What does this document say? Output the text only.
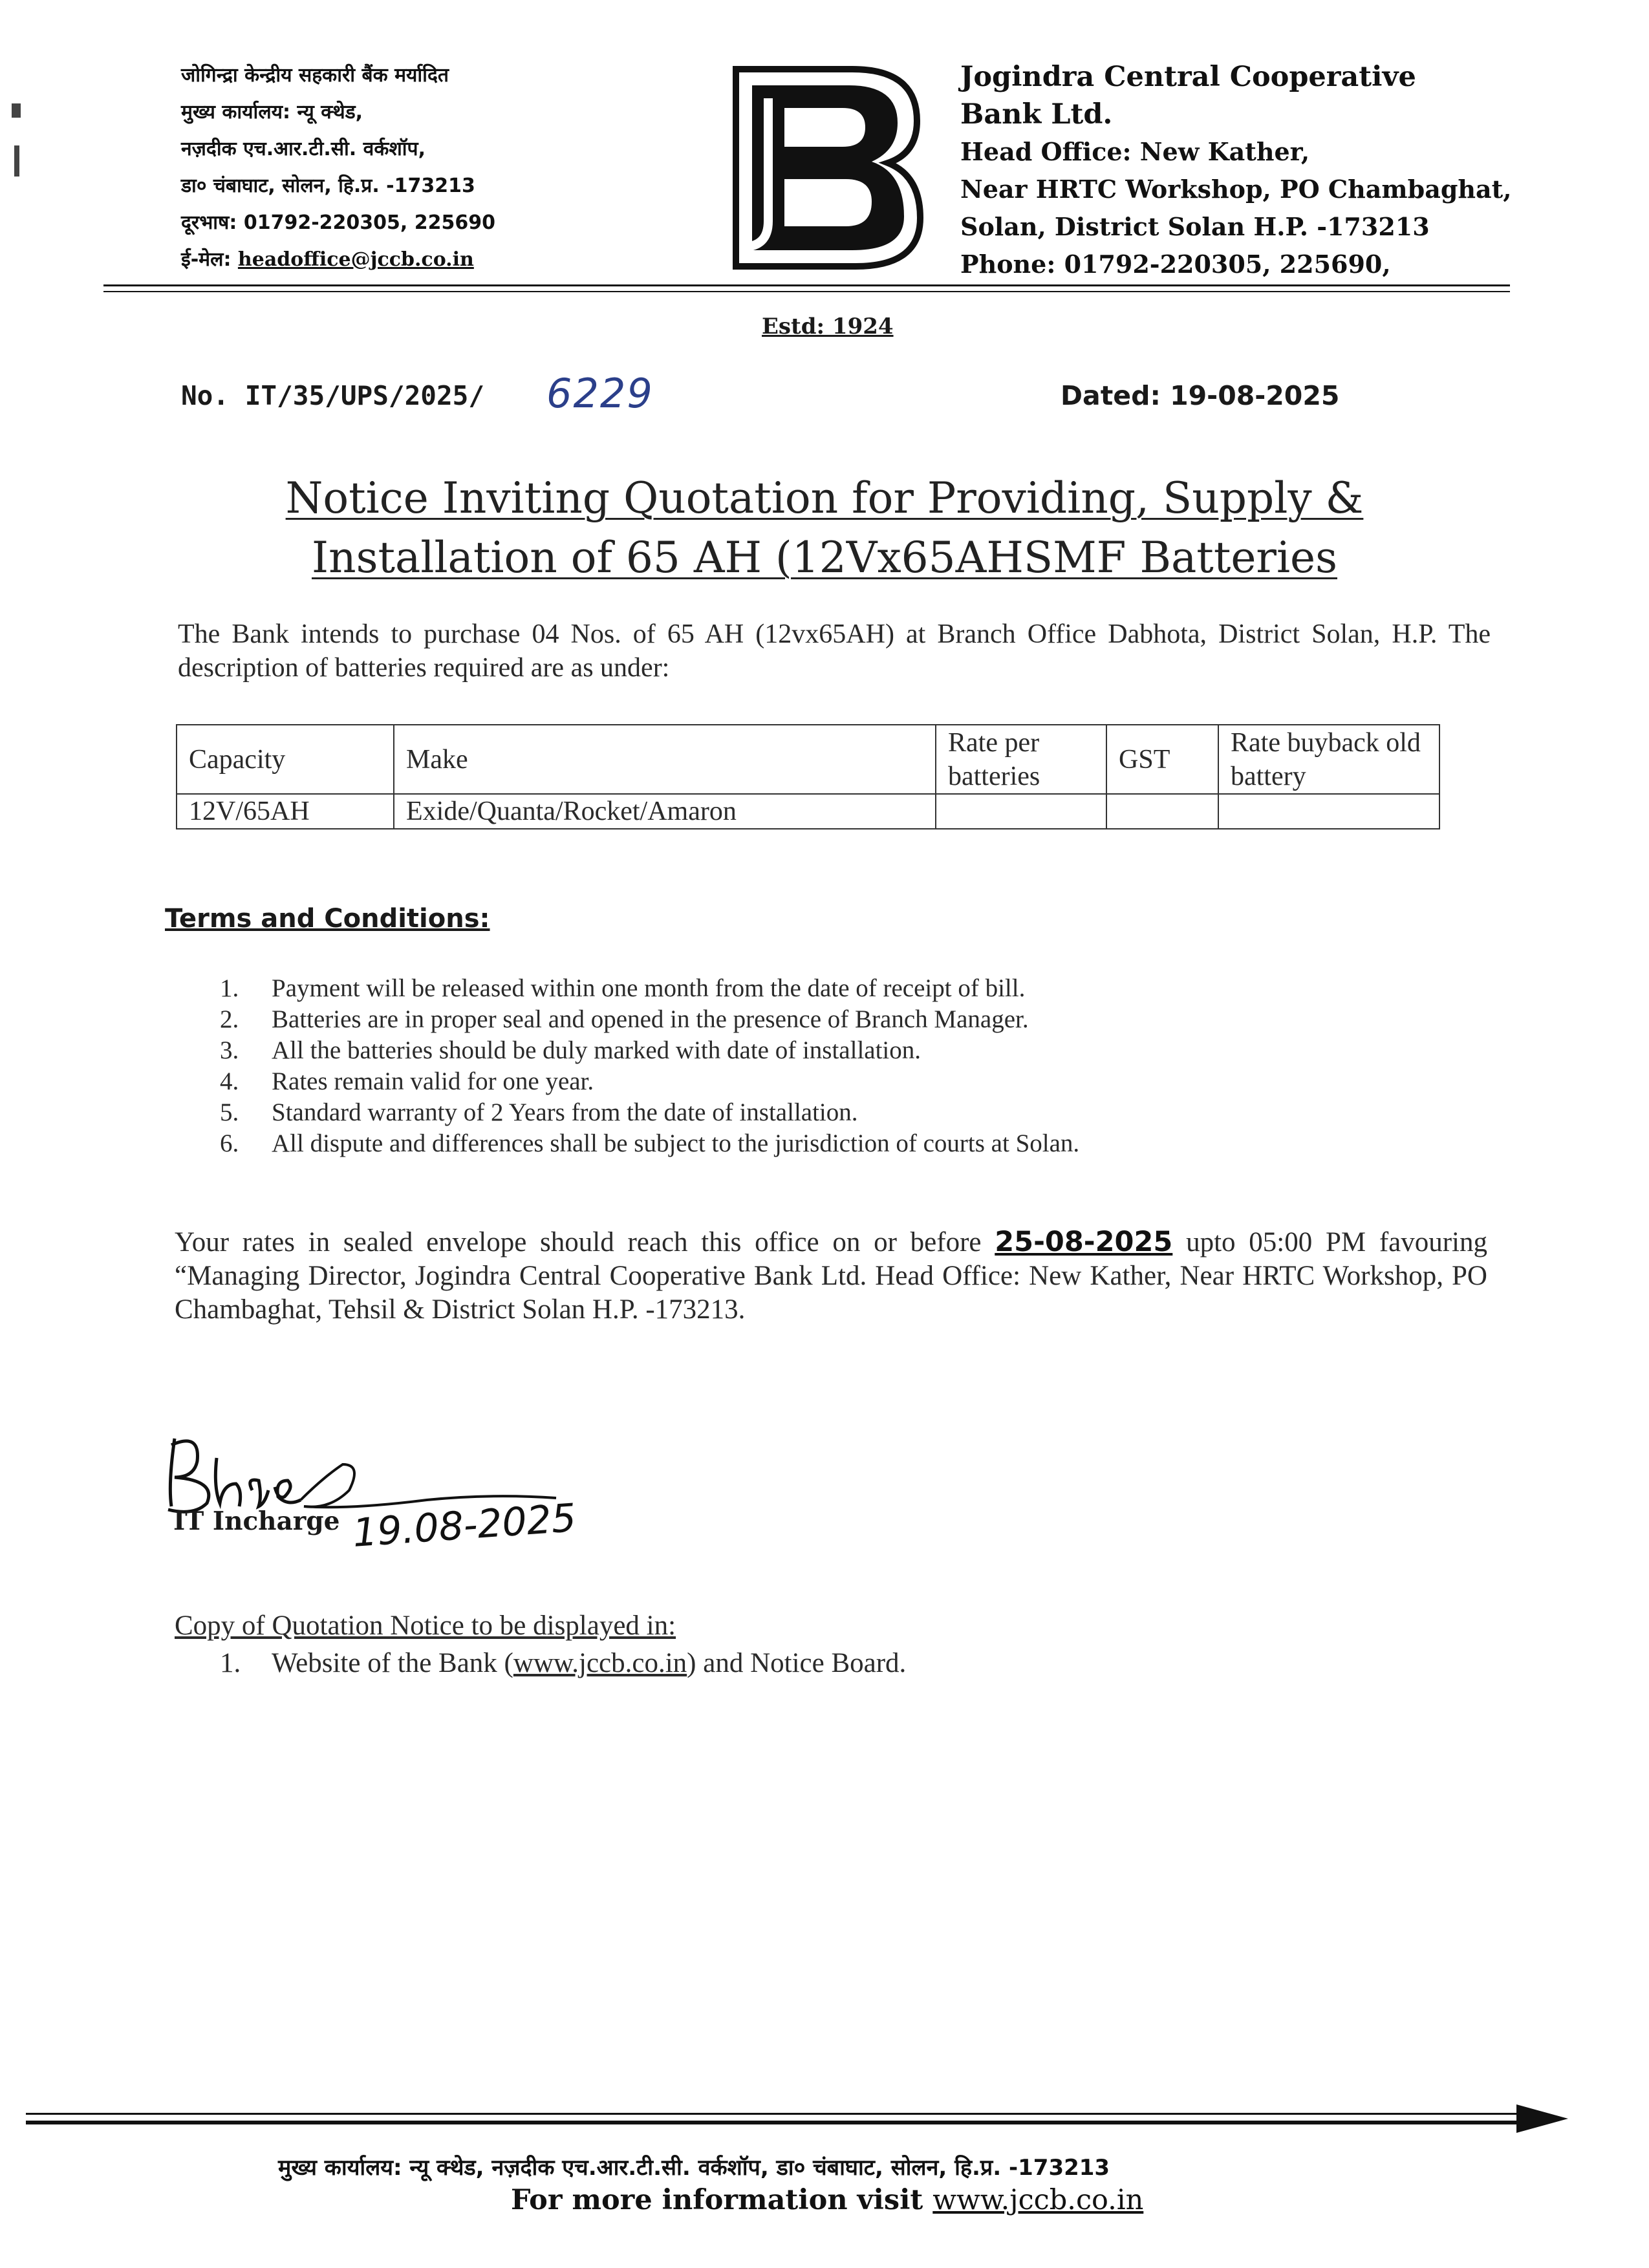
जोगिन्द्रा केन्द्रीय सहकारी बैंक मर्यादित
मुख्य कार्यालय: न्यू क्थेड,
नज़दीक एच.आर.टी.सी. वर्कशॉप,
डा० चंबाघाट, सोलन, हि.प्र. -173213
दूरभाष: 01792-220305, 225690
ई-मेल: headoffice@jccb.co.in
Jogindra Central Cooperative
Bank Ltd.
Head Office: New Kather,
Near HRTC Workshop, PO Chambaghat,
Solan, District Solan H.P. -173213
Phone: 01792-220305, 225690,
Estd: 1924
No. IT/35/UPS/2025/ 6229	Dated: 19-08-2025
Notice Inviting Quotation for Providing, Supply &
Installation of 65 AH (12Vx65AHSMF Batteries
The Bank intends to purchase 04 Nos. of 65 AH (12vx65AH) at Branch Office Dabhota, District Solan, H.P. The description of batteries required are as under:
Capacity	Make	Rate per batteries	GST	Rate buyback old battery
12V/65AH	Exide/Quanta/Rocket/Amaron			
Terms and Conditions:
1. Payment will be released within one month from the date of receipt of bill.
2. Batteries are in proper seal and opened in the presence of Branch Manager.
3. All the batteries should be duly marked with date of installation.
4. Rates remain valid for one year.
5. Standard warranty of 2 Years from the date of installation.
6. All dispute and differences shall be subject to the jurisdiction of courts at Solan.
Your rates in sealed envelope should reach this office on or before 25-08-2025 upto 05:00 PM favouring “Managing Director, Jogindra Central Cooperative Bank Ltd. Head Office: New Kather, Near HRTC Workshop, PO Chambaghat, Tehsil & District Solan H.P. -173213.
IT Incharge 19.08-2025
Copy of Quotation Notice to be displayed in:
1. Website of the Bank (www.jccb.co.in) and Notice Board.
मुख्य कार्यालय: न्यू क्थेड, नज़दीक एच.आर.टी.सी. वर्कशॉप, डा० चंबाघाट, सोलन, हि.प्र. -173213
For more information visit www.jccb.co.in
